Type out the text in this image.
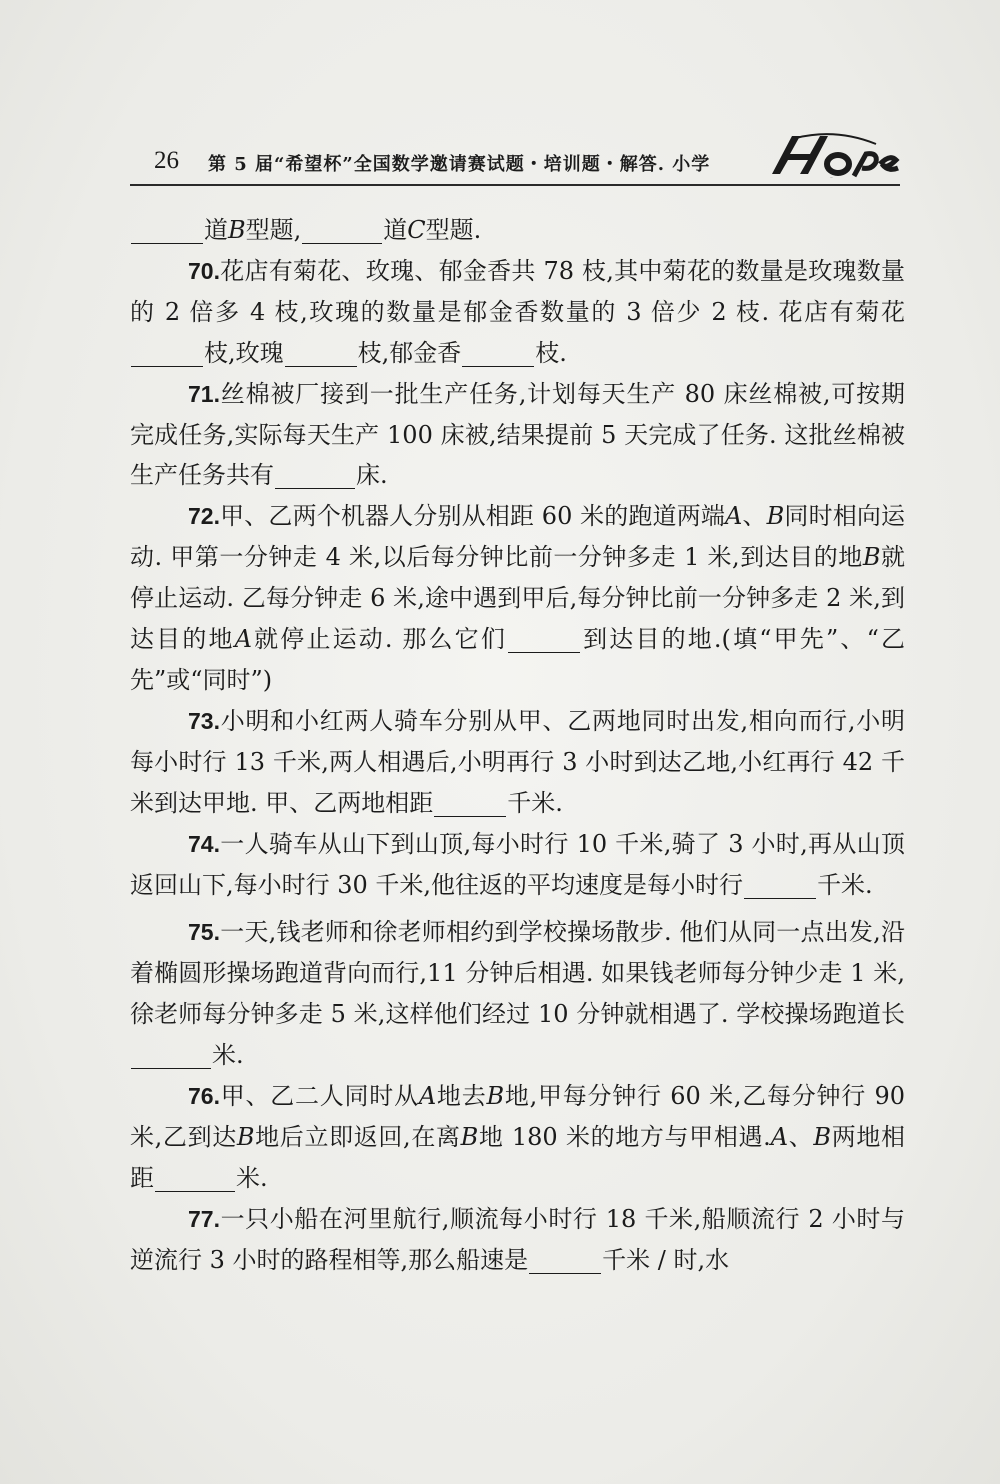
26 第 5 届“希望杯”全国数学邀请赛试题・培训题・解答. 小学
Hope

道B型题,	道C型题.

70.花店有菊花、玫瑰、郁金香共 78 枝,其中菊花的数量是玫瑰数量的 2 倍多 4 枝,玫瑰的数量是郁金香数量的 3 倍少 2 枝. 花店有菊花枝,玫瑰	枝,郁金香	枝.

71.丝棉被厂接到一批生产任务,计划每天生产 80 床丝棉被,可按期完成任务,实际每天生产 100 床被,结果提前 5 天完成了任务. 这批丝棉被生产任务共有	床.

72.甲、乙两个机器人分别从相距 60 米的跑道两端A、B同时相向运动. 甲第一分钟走 4 米,以后每分钟比前一分钟多走 1 米,到达目的地B就停止运动. 乙每分钟走 6 米,途中遇到甲后,每分钟比前一分钟多走 2 米,到达目的地A就停止运动. 那么它们	到达目的地.(填“甲先”、“乙先”或“同时”)

73.小明和小红两人骑车分别从甲、乙两地同时出发,相向而行,小明每小时行 13 千米,两人相遇后,小明再行 3 小时到达乙地,小红再行 42 千米到达甲地. 甲、乙两地相距	千米.

74.一人骑车从山下到山顶,每小时行 10 千米,骑了 3 小时,再从山顶返回山下,每小时行 30 千米,他往返的平均速度是每小时行	千米.

75.一天,钱老师和徐老师相约到学校操场散步. 他们从同一点出发,沿着椭圆形操场跑道背向而行,11 分钟后相遇. 如果钱老师每分钟少走 1 米,徐老师每分钟多走 5 米,这样他们经过 10 分钟就相遇了. 学校操场跑道长米.

76.甲、乙二人同时从A地去B地,甲每分钟行 60 米,乙每分钟行 90 米,乙到达B地后立即返回,在离B地 180 米的地方与甲相遇.A、B两地相距	米.

77.一只小船在河里航行,顺流每小时行 18 千米,船顺流行 2 小时与逆流行 3 小时的路程相等,那么船速是	千米 / 时,水
